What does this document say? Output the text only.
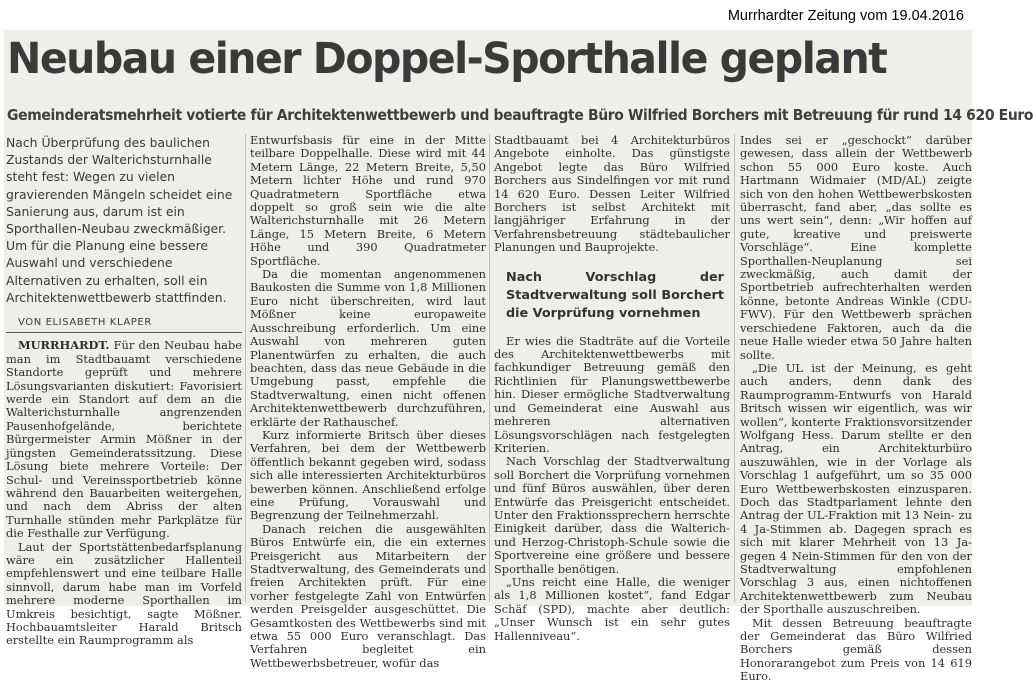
Murrhardter Zeitung vom 19.04.2016
Neubau einer Doppel-Sporthalle geplant
Gemeinderatsmehrheit votierte für Architektenwettbewerb und beauftragte Büro Wilfried Borchers mit Betreuung für rund 14 620 Euro

Nach Überprüfung des baulichen Zustands der Walterichsturnhalle steht fest: Wegen zu vielen gravierenden Mängeln scheidet eine Sanierung aus, darum ist ein Sporthallen-Neubau zweckmäßiger. Um für die Planung eine bessere Auswahl und verschiedene Alternativen zu erhalten, soll ein Architektenwettbewerb stattfinden.

VON ELISABETH KLAPER

MURRHARDT. Für den Neubau habe man im Stadtbauamt verschiedene Standorte geprüft und mehrere Lösungsvarianten diskutiert: Favorisiert werde ein Standort auf dem an die Walterichsturnhalle angrenzenden Pausenhofgelände, berichtete Bürgermeister Armin Mößner in der jüngsten Gemeinderatssitzung. Diese Lösung biete mehrere Vorteile: Der Schul- und Vereinssportbetrieb könne während den Bauarbeiten weitergehen, und nach dem Abriss der alten Turnhalle stünden mehr Parkplätze für die Festhalle zur Verfügung.

Laut der Sportstättenbedarfsplanung wäre ein zusätzlicher Hallenteil empfehlenswert und eine teilbare Halle sinnvoll, darum habe man im Vorfeld mehrere moderne Sporthallen im Umkreis besichtigt, sagte Mößner. Hochbauamtsleiter Harald Britsch erstellte ein Raumprogramm als

Entwurfsbasis für eine in der Mitte teilbare Doppelhalle. Diese wird mit 44 Metern Länge, 22 Metern Breite, 5,50 Metern lichter Höhe und rund 970 Quadratmetern Sportfläche etwa doppelt so groß sein wie die alte Walterichsturnhalle mit 26 Metern Länge, 15 Metern Breite, 6 Metern Höhe und 390 Quadratmeter Sportfläche.

Da die momentan angenommenen Baukosten die Summe von 1,8 Millionen Euro nicht überschreiten, wird laut Mößner keine europaweite Ausschreibung erforderlich. Um eine Auswahl von mehreren guten Planentwürfen zu erhalten, die auch beachten, dass das neue Gebäude in die Umgebung passt, empfehle die Stadtverwaltung, einen nicht offenen Architektenwettbewerb durchzuführen, erklärte der Rathauschef.

Kurz informierte Britsch über dieses Verfahren, bei dem der Wettbewerb öffentlich bekannt gegeben wird, sodass sich alle interessierten Architekturbüros bewerben können. Anschließend erfolge eine Prüfung, Vorauswahl und Begrenzung der Teilnehmerzahl.

Danach reichen die ausgewählten Büros Entwürfe ein, die ein externes Preisgericht aus Mitarbeitern der Stadtverwaltung, des Gemeinderats und freien Architekten prüft. Für eine vorher festgelegte Zahl von Entwürfen werden Preisgelder ausgeschüttet. Die Gesamtkosten des Wettbewerbs sind mit etwa 55 000 Euro veranschlagt. Das Verfahren begleitet ein Wettbewerbsbetreuer, wofür das

Stadtbauamt bei 4 Architekturbüros Angebote einholte. Das günstigste Angebot legte das Büro Wilfried Borchers aus Sindelfingen vor mit rund 14 620 Euro. Dessen Leiter Wilfried Borchers ist selbst Architekt mit langjähriger Erfahrung in der Verfahrensbetreuung städtebaulicher Planungen und Bauprojekte.

Nach Vorschlag der Stadtverwaltung soll Borchert die Vorprüfung vornehmen

Er wies die Stadträte auf die Vorteile des Architektenwettbewerbs mit fachkundiger Betreuung gemäß den Richtlinien für Planungswettbewerbe hin. Dieser ermögliche Stadtverwaltung und Gemeinderat eine Auswahl aus mehreren alternativen Lösungsvorschlägen nach festgelegten Kriterien.

Nach Vorschlag der Stadtverwaltung soll Borchert die Vorprüfung vornehmen und fünf Büros auswählen, über deren Entwürfe das Preisgericht entscheidet. Unter den Fraktionssprechern herrschte Einigkeit darüber, dass die Walterich- und Herzog-Christoph-Schule sowie die Sportvereine eine größere und bessere Sporthalle benötigen.

„Uns reicht eine Halle, die weniger als 1,8 Millionen kostet“, fand Edgar Schäf (SPD), machte aber deutlich: „Unser Wunsch ist ein sehr gutes Hallenniveau“.

Indes sei er „geschockt“ darüber gewesen, dass allein der Wettbewerb schon 55 000 Euro koste. Auch Hartmann Widmaier (MD/AL) zeigte sich von den hohen Wettbewerbskosten überrascht, fand aber, „das sollte es uns wert sein“, denn: „Wir hoffen auf gute, kreative und preiswerte Vorschläge“. Eine komplette Sporthallen-Neuplanung sei zweckmäßig, auch damit der Sportbetrieb aufrechterhalten werden könne, betonte Andreas Winkle (CDU-FWV). Für den Wettbewerb sprächen verschiedene Faktoren, auch da die neue Halle wieder etwa 50 Jahre halten sollte.

„Die UL ist der Meinung, es geht auch anders, denn dank des Raumprogramm-Entwurfs von Harald Britsch wissen wir eigentlich, was wir wollen“, konterte Fraktionsvorsitzender Wolfgang Hess. Darum stellte er den Antrag, ein Architekturbüro auszuwählen, wie in der Vorlage als Vorschlag 1 aufgeführt, um so 35 000 Euro Wettbewerbskosten einzusparen. Doch das Stadtparlament lehnte den Antrag der UL-Fraktion mit 13 Nein- zu 4 Ja-Stimmen ab. Dagegen sprach es sich mit klarer Mehrheit von 13 Ja- gegen 4 Nein-Stimmen für den von der Stadtverwaltung empfohlenen Vorschlag 3 aus, einen nichtoffenen Architektenwettbewerb zum Neubau der Sporthalle auszuschreiben.

Mit dessen Betreuung beauftragte der Gemeinderat das Büro Wilfried Borchers gemäß dessen Honorarangebot zum Preis von 14 619 Euro.
